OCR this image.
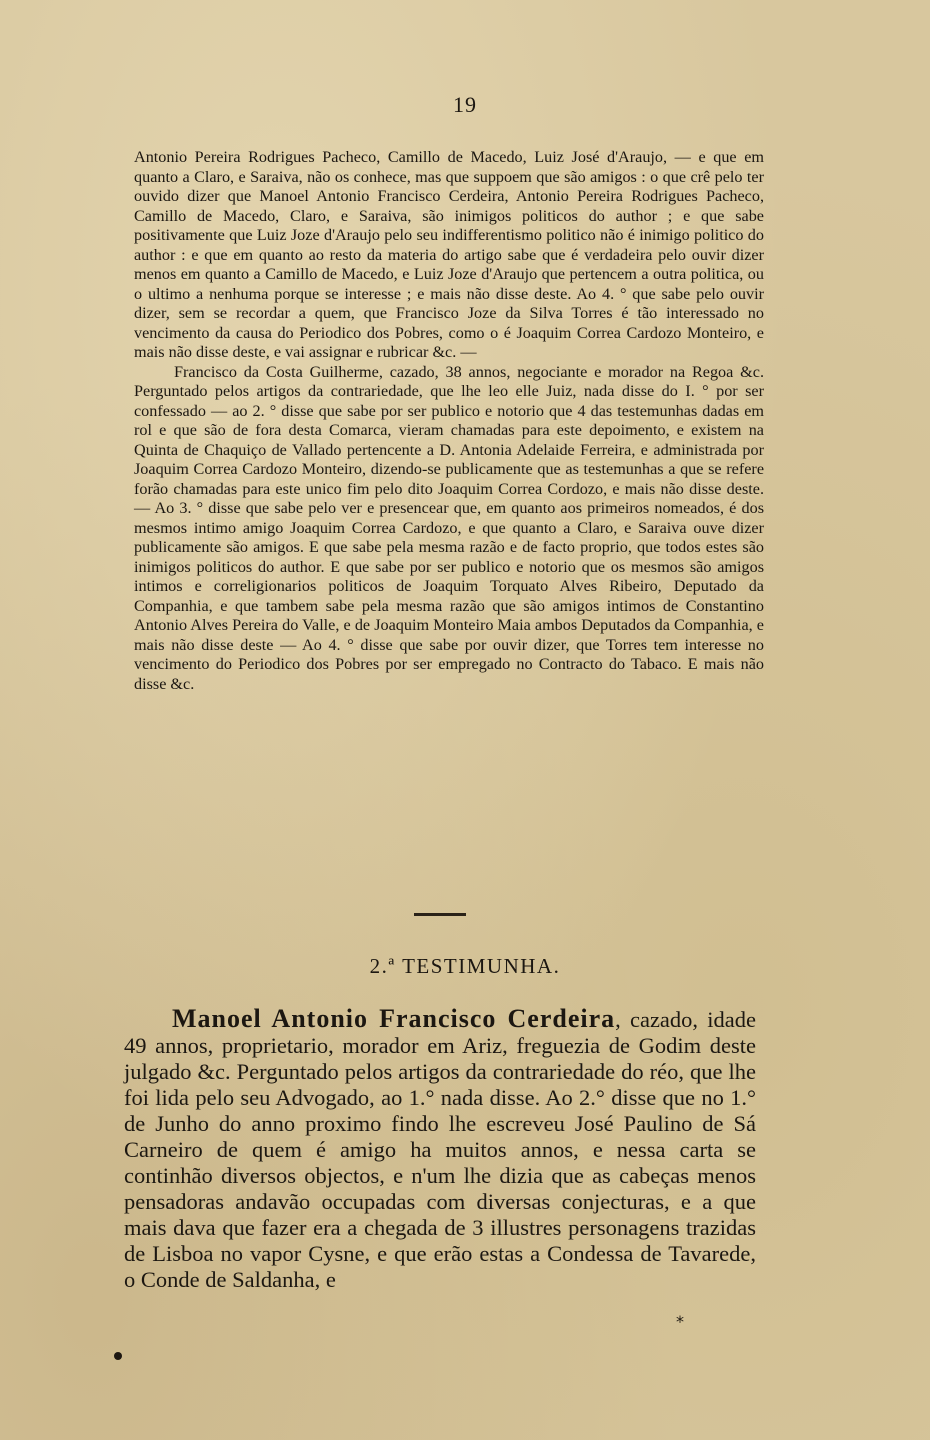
19

Antonio Pereira Rodrigues Pacheco, Camillo de Macedo, Luiz José d'Araujo, — e que em quanto a Claro, e Saraiva, não os conhece, mas que suppoem que são amigos : o que crê pelo ter ouvido dizer que Manoel Antonio Francisco Cerdeira, Antonio Pereira Rodrigues Pacheco, Camillo de Macedo, Claro, e Saraiva, são inimigos politicos do author ; e que sabe positivamente que Luiz Joze d'Araujo pelo seu indifferentismo politico não é inimigo politico do author : e que em quanto ao resto da materia do artigo sabe que é verdadeira pelo ouvir dizer menos em quanto a Camillo de Macedo, e Luiz Joze d'Araujo que pertencem a outra politica, ou o ultimo a nenhuma porque se interesse ; e mais não disse deste. Ao 4. ° que sabe pelo ouvir dizer, sem se recordar a quem, que Francisco Joze da Silva Torres é tão interessado no vencimento da causa do Periodico dos Pobres, como o é Joaquim Correa Cardozo Monteiro, e mais não disse deste, e vai assignar e rubricar &c. —

Francisco da Costa Guilherme, cazado, 38 annos, negociante e morador na Regoa &c. Perguntado pelos artigos da contrariedade, que lhe leo elle Juiz, nada disse do I. ° por ser confessado — ao 2. ° disse que sabe por ser publico e notorio que 4 das testemunhas dadas em rol e que são de fora desta Comarca, vieram chamadas para este depoimento, e existem na Quinta de Chaquiço de Vallado pertencente a D. Antonia Adelaide Ferreira, e administrada por Joaquim Correa Cardozo Monteiro, dizendo-se publicamente que as testemunhas a que se refere forão chamadas para este unico fim pelo dito Joaquim Correa Cordozo, e mais não disse deste. — Ao 3. ° disse que sabe pelo ver e presencear que, em quanto aos primeiros nomeados, é dos mesmos intimo amigo Joaquim Correa Cardozo, e que quanto a Claro, e Saraiva ouve dizer publicamente são amigos. E que sabe pela mesma razão e de facto proprio, que todos estes são inimigos politicos do author. E que sabe por ser publico e notorio que os mesmos são amigos intimos e correligionarios politicos de Joaquim Torquato Alves Ribeiro, Deputado da Companhia, e que tambem sabe pela mesma razão que são amigos intimos de Constantino Antonio Alves Pereira do Valle, e de Joaquim Monteiro Maia ambos Deputados da Companhia, e mais não disse deste — Ao 4. ° disse que sabe por ouvir dizer, que Torres tem interesse no vencimento do Periodico dos Pobres por ser empregado no Contracto do Tabaco. E mais não disse &c.

2.ª TESTIMUNHA.

Manoel Antonio Francisco Cerdeira, cazado, idade 49 annos, proprietario, morador em Ariz, freguezia de Godim deste julgado &c. Perguntado pelos artigos da contrariedade do réo, que lhe foi lida pelo seu Advogado, ao 1.° nada disse. Ao 2.° disse que no 1.° de Junho do anno proximo findo lhe escreveu José Paulino de Sá Carneiro de quem é amigo ha muitos annos, e nessa carta se continhão diversos objectos, e n'um lhe dizia que as cabeças menos pensadoras andavão occupadas com diversas conjecturas, e a que mais dava que fazer era a chegada de 3 illustres personagens trazidas de Lisboa no vapor Cysne, e que erão estas a Condessa de Tavarede, o Conde de Saldanha, e

*
